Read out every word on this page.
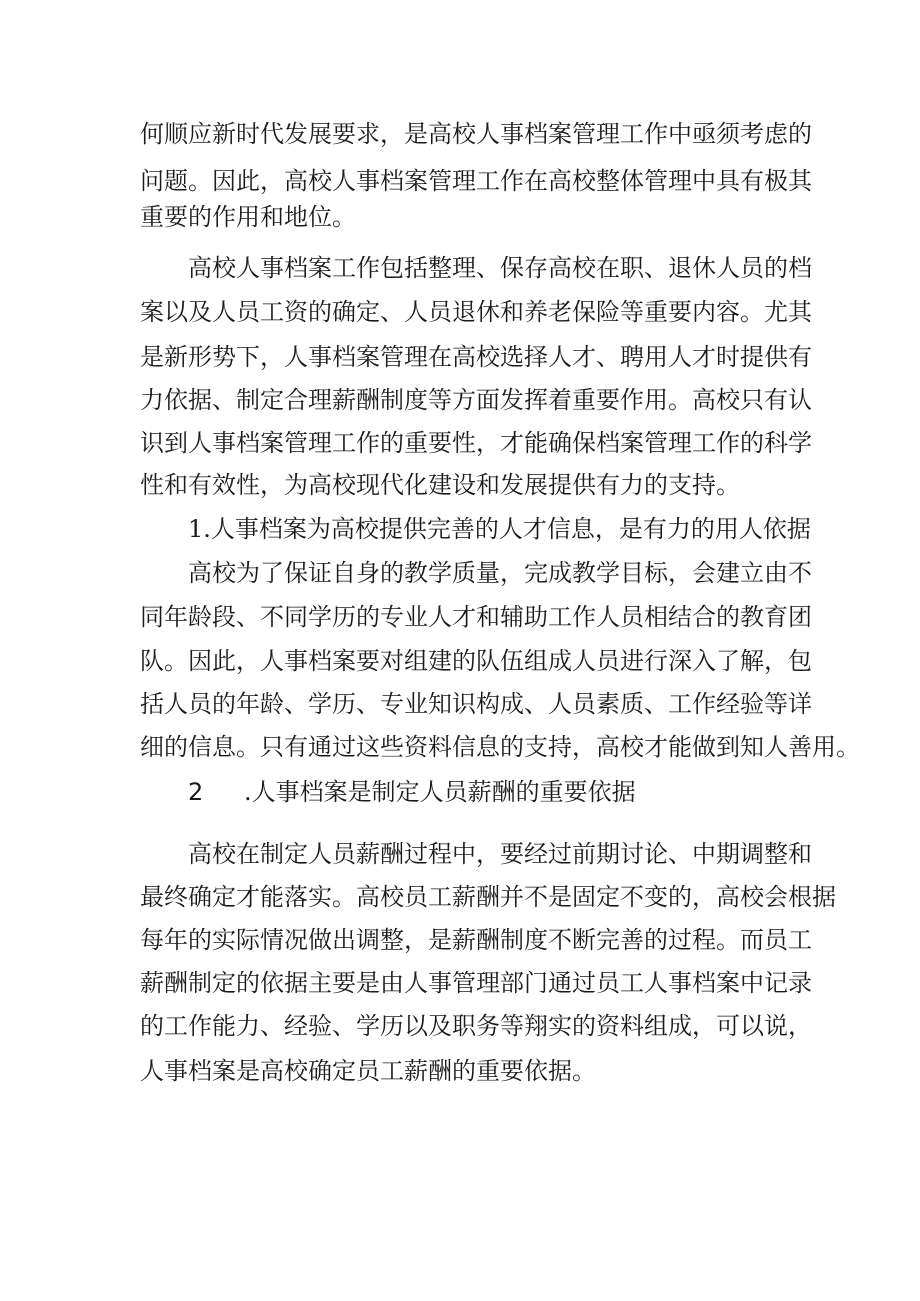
何顺应新时代发展要求，是高校人事档案管理工作中亟须考虑的
问题。因此，高校人事档案管理工作在高校整体管理中具有极其
重要的作用和地位。
高校人事档案工作包括整理、保存高校在职、退休人员的档
案以及人员工资的确定、人员退休和养老保险等重要内容。尤其
是新形势下，人事档案管理在高校选择人才、聘用人才时提供有
力依据、制定合理薪酬制度等方面发挥着重要作用。高校只有认
识到人事档案管理工作的重要性，才能确保档案管理工作的科学
性和有效性，为高校现代化建设和发展提供有力的支持。
1.人事档案为高校提供完善的人才信息，是有力的用人依据
高校为了保证自身的教学质量，完成教学目标，会建立由不
同年龄段、不同学历的专业人才和辅助工作人员相结合的教育团
队。因此，人事档案要对组建的队伍组成人员进行深入了解，包
括人员的年龄、学历、专业知识构成、人员素质、工作经验等详
细的信息。只有通过这些资料信息的支持，高校才能做到知人善用。
2 .人事档案是制定人员薪酬的重要依据
高校在制定人员薪酬过程中，要经过前期讨论、中期调整和
最终确定才能落实。高校员工薪酬并不是固定不变的，高校会根据
每年的实际情况做出调整，是薪酬制度不断完善的过程。而员工
薪酬制定的依据主要是由人事管理部门通过员工人事档案中记录
的工作能力、经验、学历以及职务等翔实的资料组成，可以说，
人事档案是高校确定员工薪酬的重要依据。
